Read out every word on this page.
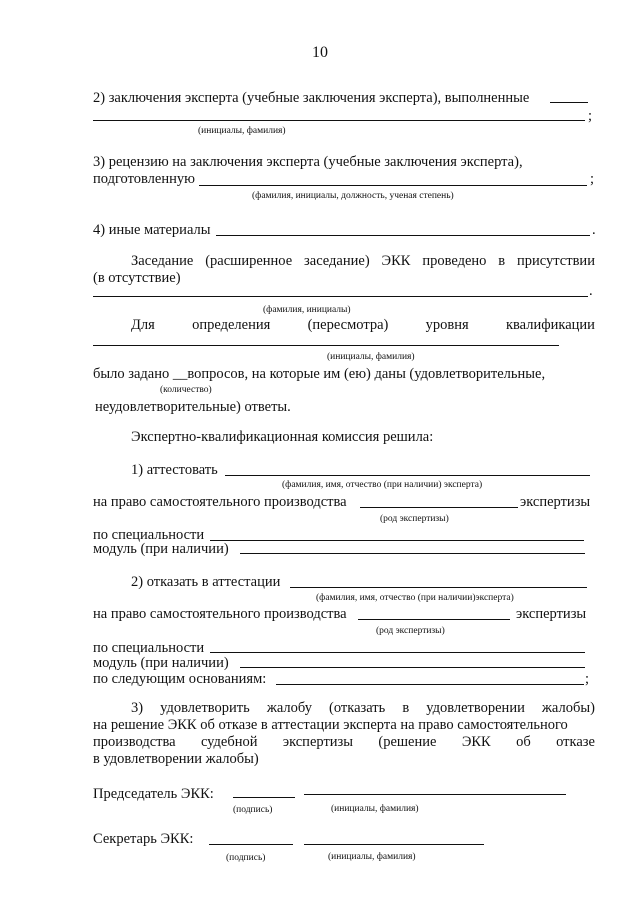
10
2) заключения эксперта (учебные заключения эксперта), выполненные
;
(инициалы, фамилия)
3) рецензию на заключения эксперта (учебные заключения эксперта),
подготовленную	;
(фамилия, инициалы, должность, ученая степень)
4) иные материалы	.
Заседание (расширенное заседание) ЭКК проведено в присутствии
(в отсутствие)
.
(фамилия, инициалы)
Для	определения	(пересмотра)	уровня	квалификации
(инициалы, фамилия)
было задано __вопросов, на которые им (ею) даны (удовлетворительные,
(количество)
неудовлетворительные) ответы.
Экспертно-квалификационная комиссия решила:
1) аттестовать
(фамилия, имя, отчество (при наличии) эксперта)
на право самостоятельного производства	экспертизы
(род экспертизы)
по специальности
модуль (при наличии)
2) отказать в аттестации
(фамилия, имя, отчество (при наличии)эксперта)
на право самостоятельного производства	экспертизы
(род экспертизы)
по специальности
модуль (при наличии)
по следующим основаниям:	;
3) удовлетворить жалобу (отказать в удовлетворении жалобы)
на решение ЭКК об отказе в аттестации эксперта на право самостоятельного
производства судебной экспертизы (решение ЭКК об отказе
в удовлетворении жалобы)
Председатель ЭКК:
(подпись)	(инициалы, фамилия)
Секретарь ЭКК:
(подпись)	(инициалы, фамилия)
